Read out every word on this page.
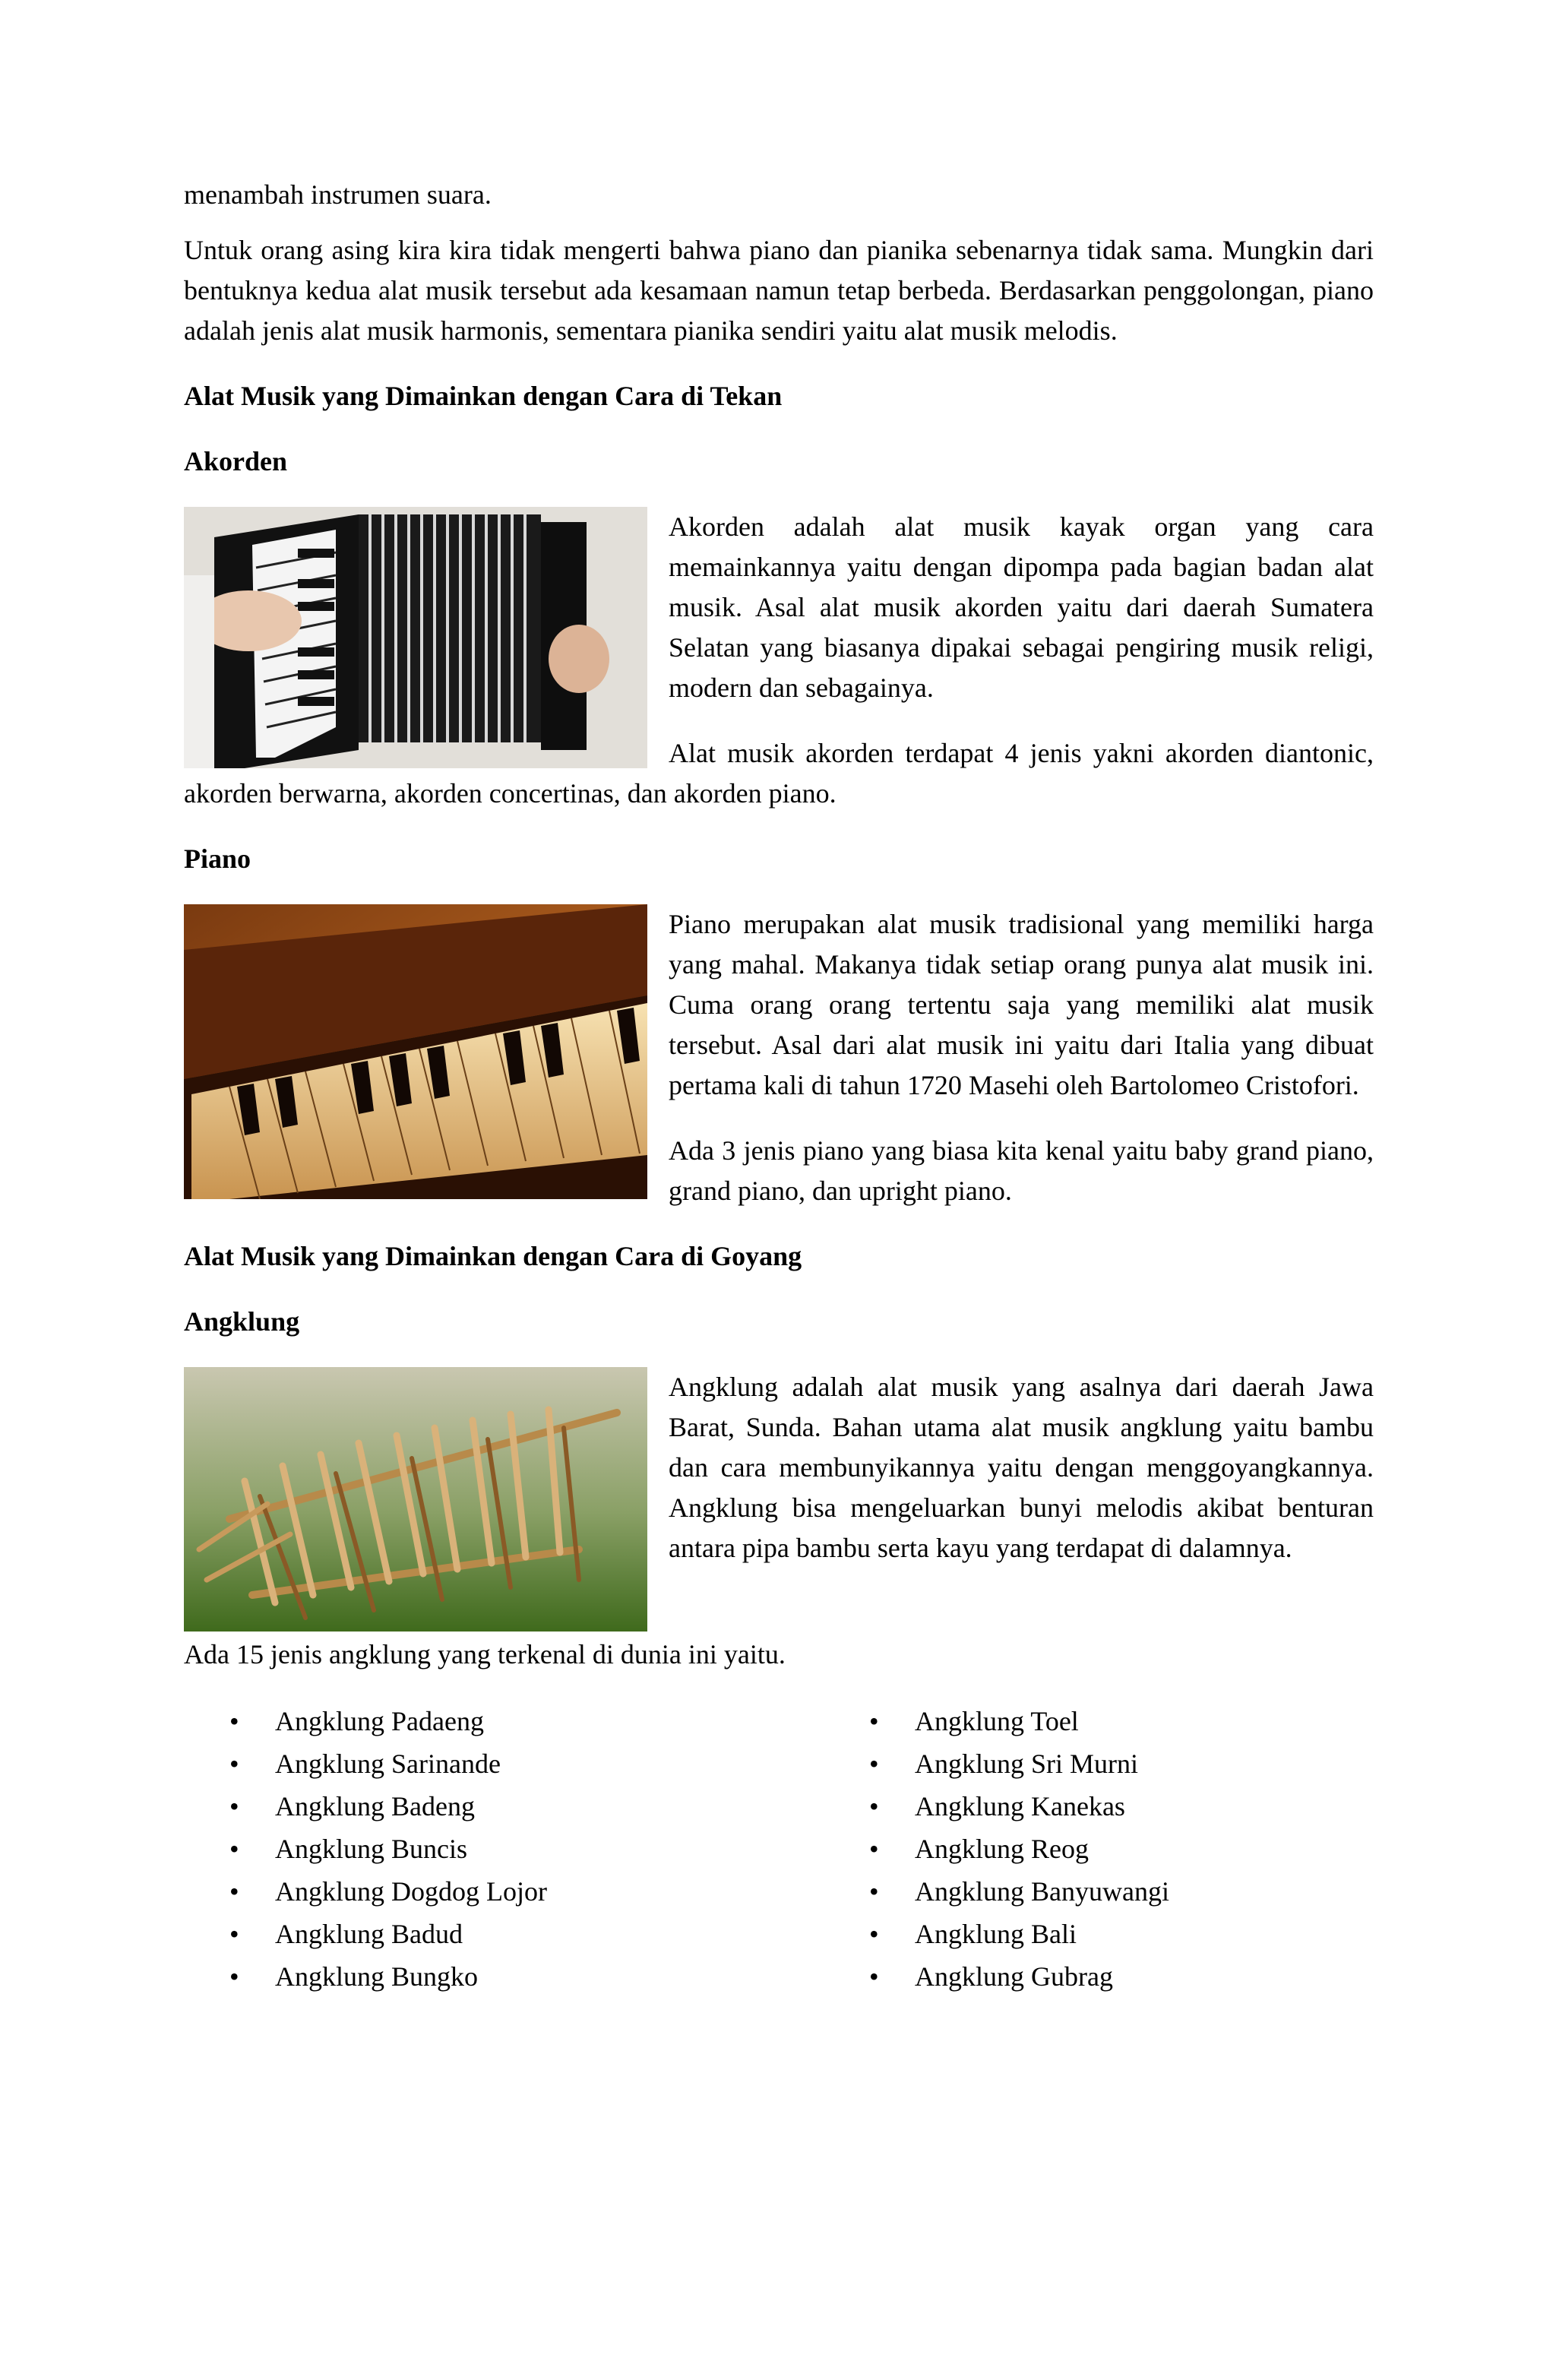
menambah instrumen suara.

Untuk orang asing kira kira tidak mengerti bahwa piano dan pianika sebenarnya tidak sama. Mungkin dari bentuknya kedua alat musik tersebut ada kesamaan namun tetap berbeda. Berdasarkan penggolongan, piano adalah jenis alat musik harmonis, sementara pianika sendiri yaitu alat musik melodis.

Alat Musik yang Dimainkan dengan Cara di Tekan

Akorden

Akorden adalah alat musik kayak organ yang cara memainkannya yaitu dengan dipompa pada bagian badan alat musik. Asal alat musik akorden yaitu dari daerah Sumatera Selatan yang biasanya dipakai sebagai pengiring musik religi, modern dan sebagainya.

Alat musik akorden terdapat 4 jenis yakni akorden diantonic, akorden berwarna, akorden concertinas, dan akorden piano.

Piano

Piano merupakan alat musik tradisional yang memiliki harga yang mahal. Makanya tidak setiap orang punya alat musik ini. Cuma orang orang tertentu saja yang memiliki alat musik tersebut. Asal dari alat musik ini yaitu dari Italia yang dibuat pertama kali di tahun 1720 Masehi oleh Bartolomeo Cristofori.

Ada 3 jenis piano yang biasa kita kenal yaitu baby grand piano, grand piano, dan upright piano.

Alat Musik yang Dimainkan dengan Cara di Goyang

Angklung

Angklung adalah alat musik yang asalnya dari daerah Jawa Barat, Sunda. Bahan utama alat musik angklung yaitu bambu dan cara membunyikannya yaitu dengan menggoyangkannya. Angklung bisa mengeluarkan bunyi melodis akibat benturan antara pipa bambu serta kayu yang terdapat di dalamnya.

Ada 15 jenis angklung yang terkenal di dunia ini yaitu.

• Angklung Padaeng
• Angklung Sarinande
• Angklung Badeng
• Angklung Buncis
• Angklung Dogdog Lojor
• Angklung Badud
• Angklung Bungko
• Angklung Toel
• Angklung Sri Murni
• Angklung Kanekas
• Angklung Reog
• Angklung Banyuwangi
• Angklung Bali
• Angklung Gubrag
